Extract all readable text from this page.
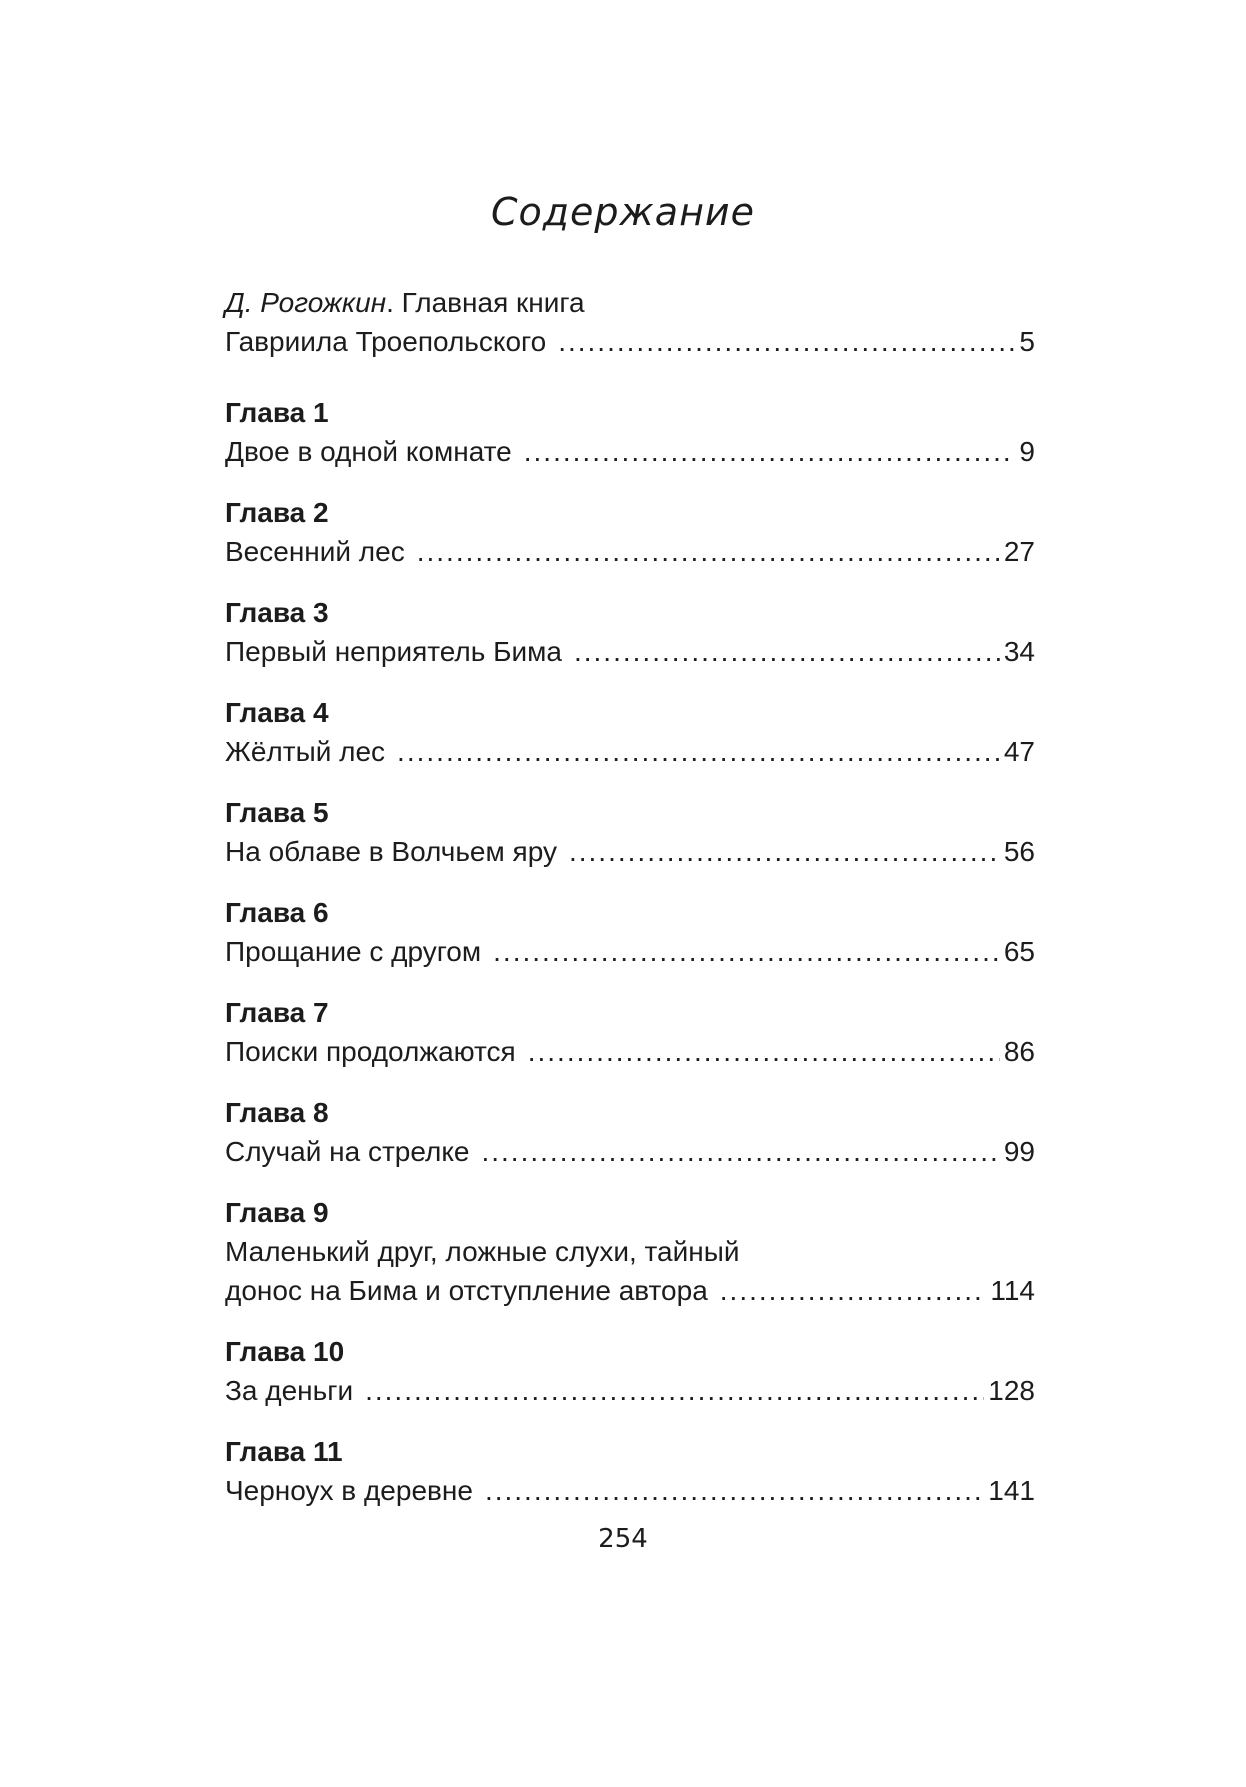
Содержание
Д. Рогожкин. Главная книга
Гавриила Троепольского .....	5
Глава 1
Двое в одной комнате .....	9
Глава 2
Весенний лес .....	27
Глава 3
Первый неприятель Бима .....	34
Глава 4
Жёлтый лес .....	47
Глава 5
На облаве в Волчьем яру .....	56
Глава 6
Прощание с другом .....	65
Глава 7
Поиски продолжаются .....	86
Глава 8
Случай на стрелке .....	99
Глава 9
Маленький друг, ложные слухи, тайный
донос на Бима и отступление автора .....	114
Глава 10
За деньги .....	128
Глава 11
Черноух в деревне .....	141
254
